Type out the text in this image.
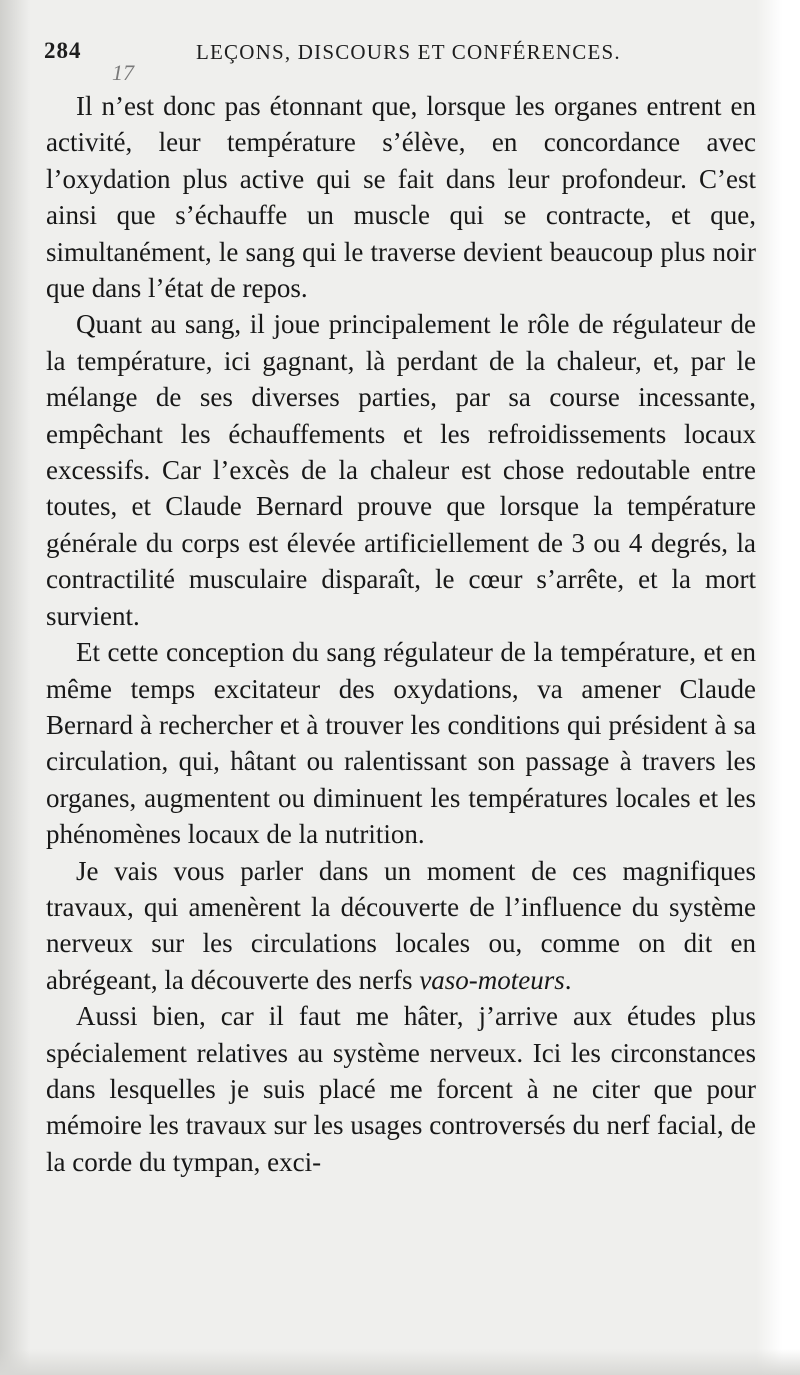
284	LEÇONS, DISCOURS ET CONFÉRENCES.
17

Il n’est donc pas étonnant que, lorsque les organes entrent en activité, leur température s’élève, en concordance avec l’oxydation plus active qui se fait dans leur profondeur. C’est ainsi que s’échauffe un muscle qui se contracte, et que, simultanément, le sang qui le traverse devient beaucoup plus noir que dans l’état de repos.

Quant au sang, il joue principalement le rôle de régulateur de la température, ici gagnant, là perdant de la chaleur, et, par le mélange de ses diverses parties, par sa course incessante, empêchant les échauffements et les refroidissements locaux excessifs. Car l’excès de la chaleur est chose redoutable entre toutes, et Claude Bernard prouve que lorsque la température générale du corps est élevée artificiellement de 3 ou 4 degrés, la contractilité musculaire disparaît, le cœur s’arrête, et la mort survient.

Et cette conception du sang régulateur de la température, et en même temps excitateur des oxydations, va amener Claude Bernard à rechercher et à trouver les conditions qui président à sa circulation, qui, hâtant ou ralentissant son passage à travers les organes, augmentent ou diminuent les températures locales et les phénomènes locaux de la nutrition.

Je vais vous parler dans un moment de ces magnifiques travaux, qui amenèrent la découverte de l’influence du système nerveux sur les circulations locales ou, comme on dit en abrégeant, la découverte des nerfs vaso-moteurs.

Aussi bien, car il faut me hâter, j’arrive aux études plus spécialement relatives au système nerveux. Ici les circonstances dans lesquelles je suis placé me forcent à ne citer que pour mémoire les travaux sur les usages controversés du nerf facial, de la corde du tympan, exci-
